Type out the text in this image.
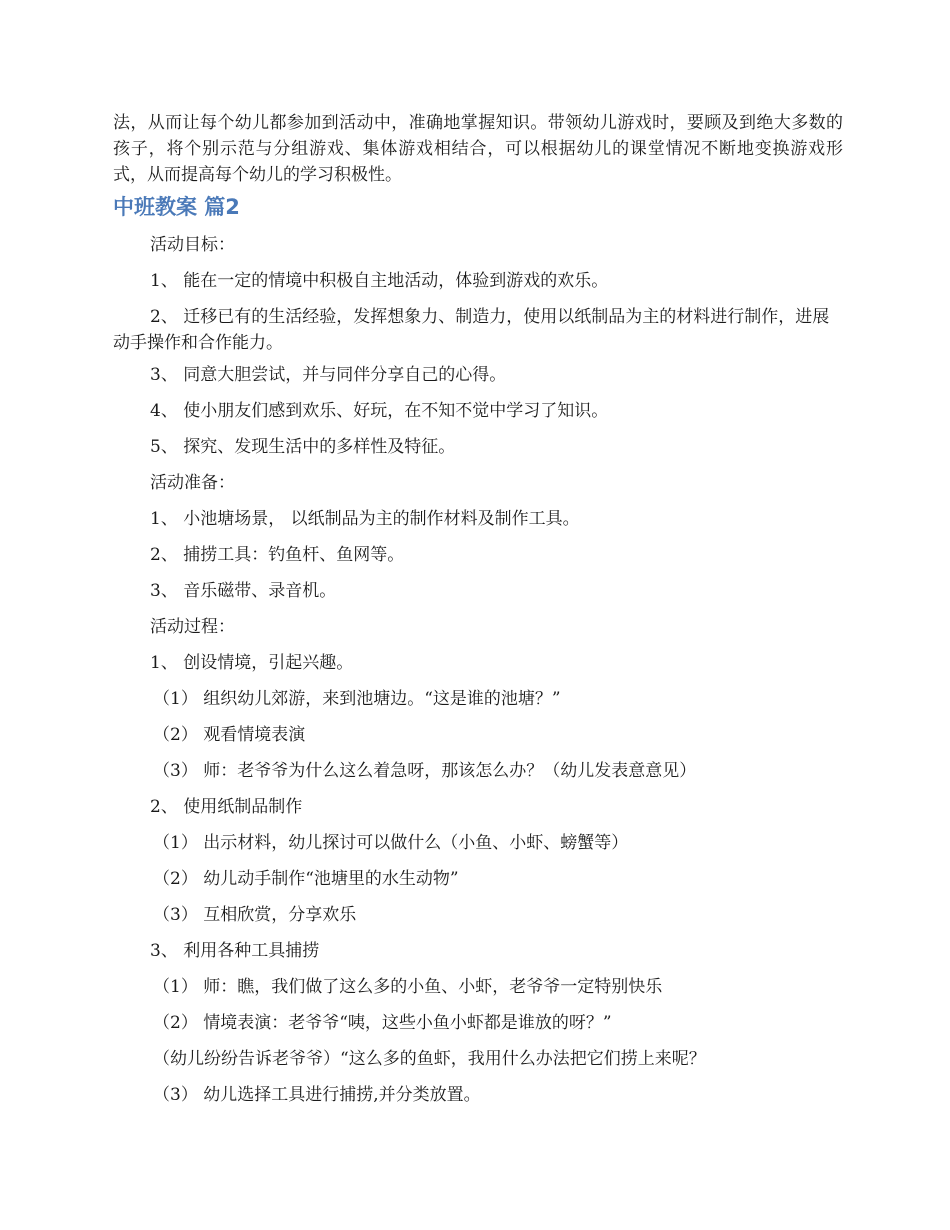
法，从而让每个幼儿都参加到活动中，准确地掌握知识。带领幼儿游戏时，要顾及到绝大多数的孩子，将个别示范与分组游戏、集体游戏相结合，可以根据幼儿的课堂情况不断地变换游戏形式，从而提高每个幼儿的学习积极性。

中班教案 篇2

活动目标：

1、 能在一定的情境中积极自主地活动，体验到游戏的欢乐。

2、 迁移已有的生活经验，发挥想象力、制造力，使用以纸制品为主的材料进行制作，进展动手操作和合作能力。

3、 同意大胆尝试，并与同伴分享自己的心得。

4、 使小朋友们感到欢乐、好玩，在不知不觉中学习了知识。

5、 探究、发现生活中的多样性及特征。

活动准备：

1、 小池塘场景， 以纸制品为主的制作材料及制作工具。

2、 捕捞工具：钓鱼杆、鱼网等。

3、 音乐磁带、录音机。

活动过程：

1、 创设情境，引起兴趣。

（1） 组织幼儿郊游，来到池塘边。“这是谁的池塘？”

（2） 观看情境表演

（3） 师：老爷爷为什么这么着急呀，那该怎么办？（幼儿发表意意见）

2、 使用纸制品制作

（1） 出示材料，幼儿探讨可以做什么（小鱼、小虾、螃蟹等）

（2） 幼儿动手制作“池塘里的水生动物”

（3） 互相欣赏，分享欢乐

3、 利用各种工具捕捞

（1） 师：瞧，我们做了这么多的小鱼、小虾，老爷爷一定特别快乐

（2） 情境表演：老爷爷“咦，这些小鱼小虾都是谁放的呀？”

（幼儿纷纷告诉老爷爷）“这么多的鱼虾，我用什么办法把它们捞上来呢？

（3） 幼儿选择工具进行捕捞,并分类放置。
